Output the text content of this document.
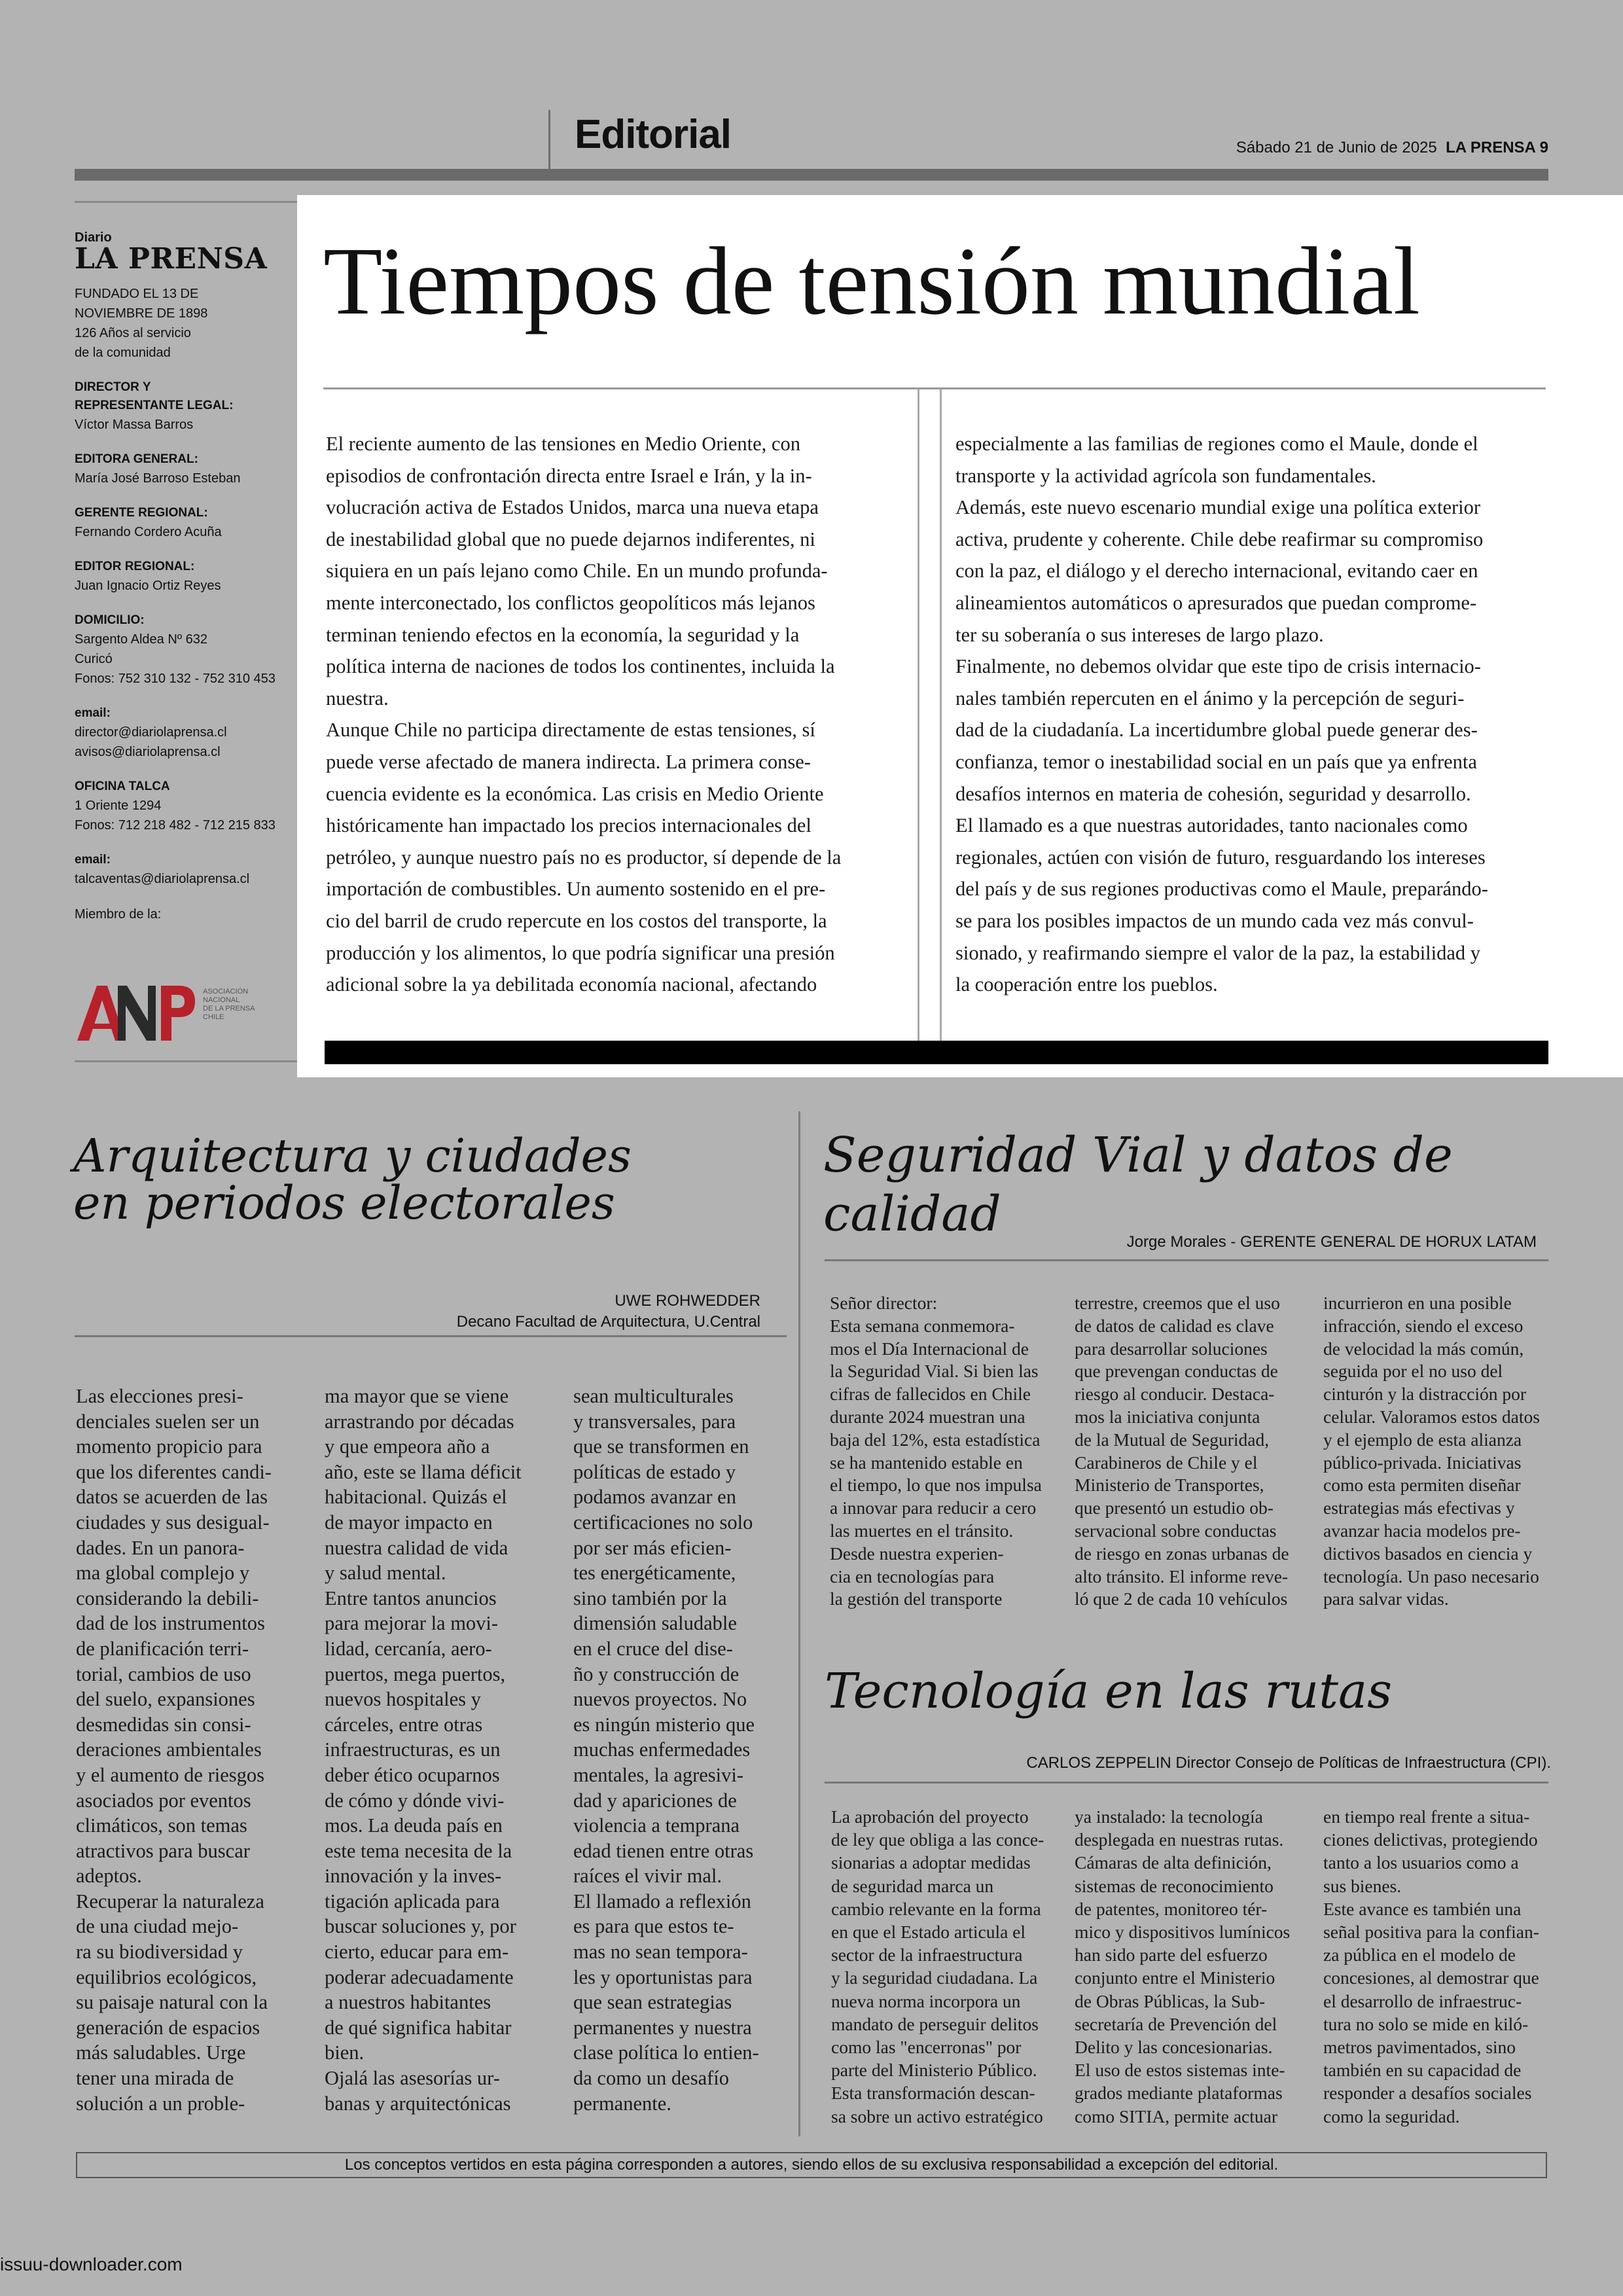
Editorial	Sábado 21 de Junio de 2025 LA PRENSA 9
Diario
LA PRENSA
FUNDADO EL 13 DE
NOVIEMBRE DE 1898
126 Años al servicio
de la comunidad
DIRECTOR Y
REPRESENTANTE LEGAL:
Víctor Massa Barros
EDITORA GENERAL:
María José Barroso Esteban
GERENTE REGIONAL:
Fernando Cordero Acuña
EDITOR REGIONAL:
Juan Ignacio Ortiz Reyes
DOMICILIO:
Sargento Aldea Nº 632
Curicó
Fonos: 752 310 132 - 752 310 453
email:
director@diariolaprensa.cl
avisos@diariolaprensa.cl
OFICINA TALCA
1 Oriente 1294
Fonos: 712 218 482 - 712 215 833
email:
talcaventas@diariolaprensa.cl
Miembro de la:
ASOCIACIÓN
NACIONAL
DE LA PRENSA
CHILE
Tiempos de tensión mundial
El reciente aumento de las tensiones en Medio Oriente, con
episodios de confrontación directa entre Israel e Irán, y la in-
volucración activa de Estados Unidos, marca una nueva etapa
de inestabilidad global que no puede dejarnos indiferentes, ni
siquiera en un país lejano como Chile. En un mundo profunda-
mente interconectado, los conflictos geopolíticos más lejanos
terminan teniendo efectos en la economía, la seguridad y la
política interna de naciones de todos los continentes, incluida la
nuestra.
Aunque Chile no participa directamente de estas tensiones, sí
puede verse afectado de manera indirecta. La primera conse-
cuencia evidente es la económica. Las crisis en Medio Oriente
históricamente han impactado los precios internacionales del
petróleo, y aunque nuestro país no es productor, sí depende de la
importación de combustibles. Un aumento sostenido en el pre-
cio del barril de crudo repercute en los costos del transporte, la
producción y los alimentos, lo que podría significar una presión
adicional sobre la ya debilitada economía nacional, afectando
especialmente a las familias de regiones como el Maule, donde el
transporte y la actividad agrícola son fundamentales.
Además, este nuevo escenario mundial exige una política exterior
activa, prudente y coherente. Chile debe reafirmar su compromiso
con la paz, el diálogo y el derecho internacional, evitando caer en
alineamientos automáticos o apresurados que puedan comprome-
ter su soberanía o sus intereses de largo plazo.
Finalmente, no debemos olvidar que este tipo de crisis internacio-
nales también repercuten en el ánimo y la percepción de seguri-
dad de la ciudadanía. La incertidumbre global puede generar des-
confianza, temor o inestabilidad social en un país que ya enfrenta
desafíos internos en materia de cohesión, seguridad y desarrollo.
El llamado es a que nuestras autoridades, tanto nacionales como
regionales, actúen con visión de futuro, resguardando los intereses
del país y de sus regiones productivas como el Maule, preparándo-
se para los posibles impactos de un mundo cada vez más convul-
sionado, y reafirmando siempre el valor de la paz, la estabilidad y
la cooperación entre los pueblos.
Arquitectura y ciudades
en periodos electorales
UWE ROHWEDDER
Decano Facultad de Arquitectura, U.Central
Las elecciones presi-
denciales suelen ser un
momento propicio para
que los diferentes candi-
datos se acuerden de las
ciudades y sus desigual-
dades. En un panora-
ma global complejo y
considerando la debili-
dad de los instrumentos
de planificación terri-
torial, cambios de uso
del suelo, expansiones
desmedidas sin consi-
deraciones ambientales
y el aumento de riesgos
asociados por eventos
climáticos, son temas
atractivos para buscar
adeptos.
Recuperar la naturaleza
de una ciudad mejo-
ra su biodiversidad y
equilibrios ecológicos,
su paisaje natural con la
generación de espacios
más saludables. Urge
tener una mirada de
solución a un proble-
ma mayor que se viene
arrastrando por décadas
y que empeora año a
año, este se llama déficit
habitacional. Quizás el
de mayor impacto en
nuestra calidad de vida
y salud mental.
Entre tantos anuncios
para mejorar la movi-
lidad, cercanía, aero-
puertos, mega puertos,
nuevos hospitales y
cárceles, entre otras
infraestructuras, es un
deber ético ocuparnos
de cómo y dónde vivi-
mos. La deuda país en
este tema necesita de la
innovación y la inves-
tigación aplicada para
buscar soluciones y, por
cierto, educar para em-
poderar adecuadamente
a nuestros habitantes
de qué significa habitar
bien.
Ojalá las asesorías ur-
banas y arquitectónicas
sean multiculturales
y transversales, para
que se transformen en
políticas de estado y
podamos avanzar en
certificaciones no solo
por ser más eficien-
tes energéticamente,
sino también por la
dimensión saludable
en el cruce del dise-
ño y construcción de
nuevos proyectos. No
es ningún misterio que
muchas enfermedades
mentales, la agresivi-
dad y apariciones de
violencia a temprana
edad tienen entre otras
raíces el vivir mal.
El llamado a reflexión
es para que estos te-
mas no sean tempora-
les y oportunistas para
que sean estrategias
permanentes y nuestra
clase política lo entien-
da como un desafío
permanente.
Seguridad Vial y datos de calidad	Jorge Morales - GERENTE GENERAL DE HORUX LATAM
Señor director:
Esta semana conmemora-
mos el Día Internacional de
la Seguridad Vial. Si bien las
cifras de fallecidos en Chile
durante 2024 muestran una
baja del 12%, esta estadística
se ha mantenido estable en
el tiempo, lo que nos impulsa
a innovar para reducir a cero
las muertes en el tránsito.
Desde nuestra experien-
cia en tecnologías para
la gestión del transporte
terrestre, creemos que el uso
de datos de calidad es clave
para desarrollar soluciones
que prevengan conductas de
riesgo al conducir. Destaca-
mos la iniciativa conjunta
de la Mutual de Seguridad,
Carabineros de Chile y el
Ministerio de Transportes,
que presentó un estudio ob-
servacional sobre conductas
de riesgo en zonas urbanas de
alto tránsito. El informe reve-
ló que 2 de cada 10 vehículos
incurrieron en una posible
infracción, siendo el exceso
de velocidad la más común,
seguida por el no uso del
cinturón y la distracción por
celular. Valoramos estos datos
y el ejemplo de esta alianza
público-privada. Iniciativas
como esta permiten diseñar
estrategias más efectivas y
avanzar hacia modelos pre-
dictivos basados en ciencia y
tecnología. Un paso necesario
para salvar vidas.
Tecnología en las rutas
CARLOS ZEPPELIN Director Consejo de Políticas de Infraestructura (CPI).
La aprobación del proyecto
de ley que obliga a las conce-
sionarias a adoptar medidas
de seguridad marca un
cambio relevante en la forma
en que el Estado articula el
sector de la infraestructura
y la seguridad ciudadana. La
nueva norma incorpora un
mandato de perseguir delitos
como las "encerronas" por
parte del Ministerio Público.
Esta transformación descan-
sa sobre un activo estratégico
ya instalado: la tecnología
desplegada en nuestras rutas.
Cámaras de alta definición,
sistemas de reconocimiento
de patentes, monitoreo tér-
mico y dispositivos lumínicos
han sido parte del esfuerzo
conjunto entre el Ministerio
de Obras Públicas, la Sub-
secretaría de Prevención del
Delito y las concesionarias.
El uso de estos sistemas inte-
grados mediante plataformas
como SITIA, permite actuar
en tiempo real frente a situa-
ciones delictivas, protegiendo
tanto a los usuarios como a
sus bienes.
Este avance es también una
señal positiva para la confian-
za pública en el modelo de
concesiones, al demostrar que
el desarrollo de infraestruc-
tura no solo se mide en kiló-
metros pavimentados, sino
también en su capacidad de
responder a desafíos sociales
como la seguridad.
Los conceptos vertidos en esta página corresponden a autores, siendo ellos de su exclusiva responsabilidad a excepción del editorial.
issuu-downloader.com
